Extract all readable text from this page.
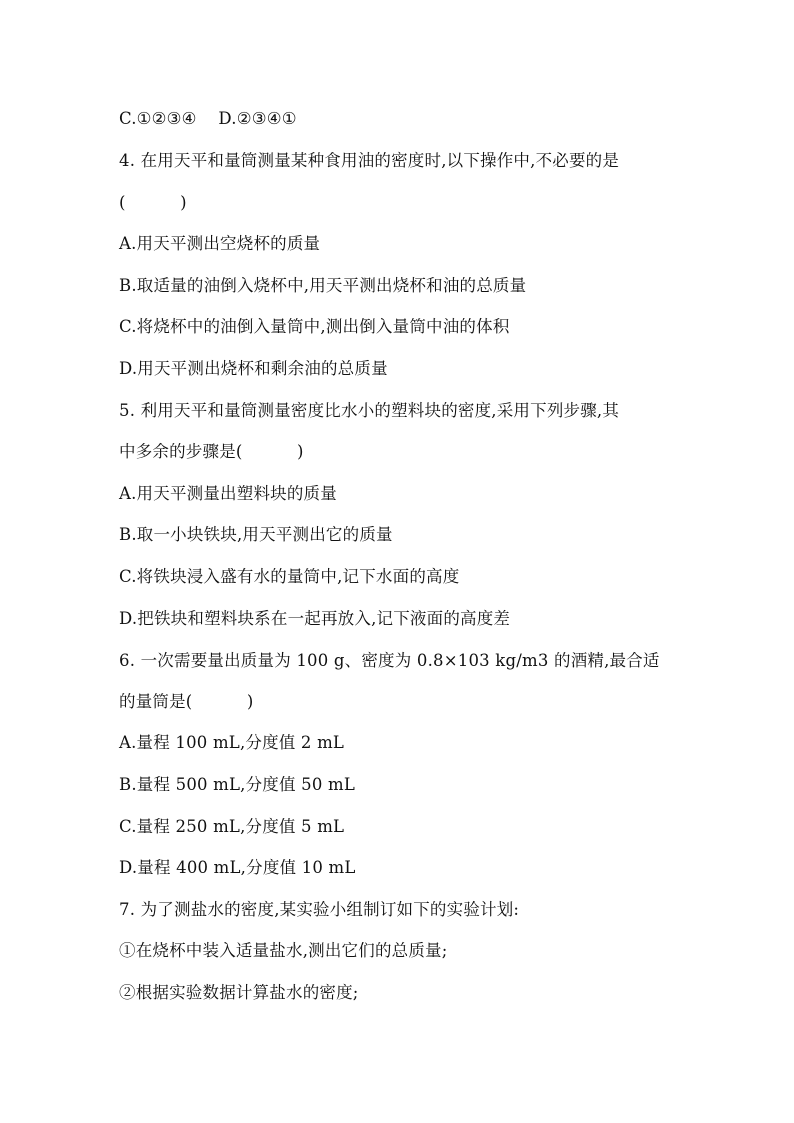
C.①②③④    D.②③④①
4. 在用天平和量筒测量某种食用油的密度时,以下操作中,不必要的是
(          )
A.用天平测出空烧杯的质量
B.取适量的油倒入烧杯中,用天平测出烧杯和油的总质量
C.将烧杯中的油倒入量筒中,测出倒入量筒中油的体积
D.用天平测出烧杯和剩余油的总质量
5. 利用天平和量筒测量密度比水小的塑料块的密度,采用下列步骤,其
中多余的步骤是(          )
A.用天平测量出塑料块的质量
B.取一小块铁块,用天平测出它的质量
C.将铁块浸入盛有水的量筒中,记下水面的高度
D.把铁块和塑料块系在一起再放入,记下液面的高度差
6. 一次需要量出质量为 100 g、密度为 0.8×103 kg/m3 的酒精,最合适
的量筒是(          )
A.量程 100 mL,分度值 2 mL
B.量程 500 mL,分度值 50 mL
C.量程 250 mL,分度值 5 mL
D.量程 400 mL,分度值 10 mL
7. 为了测盐水的密度,某实验小组制订如下的实验计划:
①在烧杯中装入适量盐水,测出它们的总质量;
②根据实验数据计算盐水的密度;
